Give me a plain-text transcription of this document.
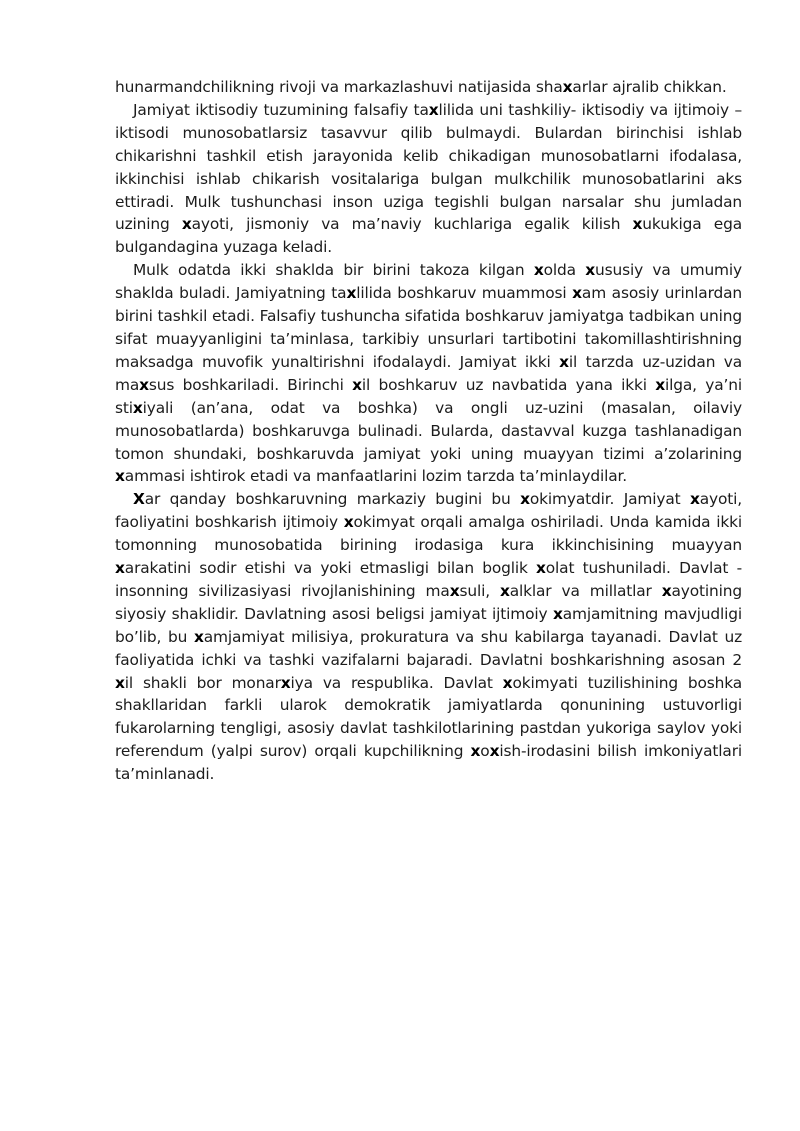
hunarmandchilikning rivoji va markazlashuvi natijasida shaxarlar ajralib chikkan.

Jamiyat iktisodiy tuzumining falsafiy taxlilida uni tashkiliy- iktisodiy va ijtimoiy –iktisodi munosobatlarsiz tasavvur qilib bulmaydi. Bulardan birinchisi ishlab chikarishni tashkil etish jarayonida kelib chikadigan munosobatlarni ifodalasa, ikkinchisi ishlab chikarish vositalariga bulgan mulkchilik munosobatlarini aks ettiradi. Mulk tushunchasi inson uziga tegishli bulgan narsalar shu jumladan uzining xayoti, jismoniy va ma’naviy kuchlariga egalik kilish xukukiga ega bulgandagina yuzaga keladi.

Mulk odatda ikki shaklda bir birini takoza kilgan xolda xususiy va umumiy shaklda buladi. Jamiyatning taxlilida boshkaruv muammosi xam asosiy urinlardan birini tashkil etadi. Falsafiy tushuncha sifatida boshkaruv jamiyatga tadbikan uning sifat muayyanligini ta’minlasa, tarkibiy unsurlari tartibotini takomillashtirishning maksadga muvofik yunaltirishni ifodalaydi. Jamiyat ikki xil tarzda uz-uzidan va maxsus boshkariladi. Birinchi xil boshkaruv uz navbatida yana ikki xilga, ya’ni stixiyali (an’ana, odat va boshka) va ongli uz-uzini (masalan, oilaviy munosobatlarda) boshkaruvga bulinadi. Bularda, dastavval kuzga tashlanadigan tomon shundaki, boshkaruvda jamiyat yoki uning muayyan tizimi a’zolarining xammasi ishtirok etadi va manfaatlarini lozim tarzda ta’minlaydilar.

Xar qanday boshkaruvning markaziy bugini bu xokimyatdir. Jamiyat xayoti, faoliyatini boshkarish ijtimoiy xokimyat orqali amalga oshiriladi. Unda kamida ikki tomonning munosobatida birining irodasiga kura ikkinchisining muayyan xarakatini sodir etishi va yoki etmasligi bilan boglik xolat tushuniladi. Davlat -insonning sivilizasiyasi rivojlanishining maxsuli, xalklar va millatlar xayotining siyosiy shaklidir. Davlatning asosi beligsi jamiyat ijtimoiy xamjamitning mavjudligi bo’lib, bu xamjamiyat milisiya, prokuratura va shu kabilarga tayanadi. Davlat uz faoliyatida ichki va tashki vazifalarni bajaradi. Davlatni boshkarishning asosan 2 xil shakli bor monarxiya va respublika. Davlat xokimyati tuzilishining boshka shakllaridan farkli ularok demokratik jamiyatlarda qonunining ustuvorligi fukarolarning tengligi, asosiy davlat tashkilotlarining pastdan yukoriga saylov yoki referendum (yalpi surov) orqali kupchilikning xoxish-irodasini bilish imkoniyatlari ta’minlanadi.
